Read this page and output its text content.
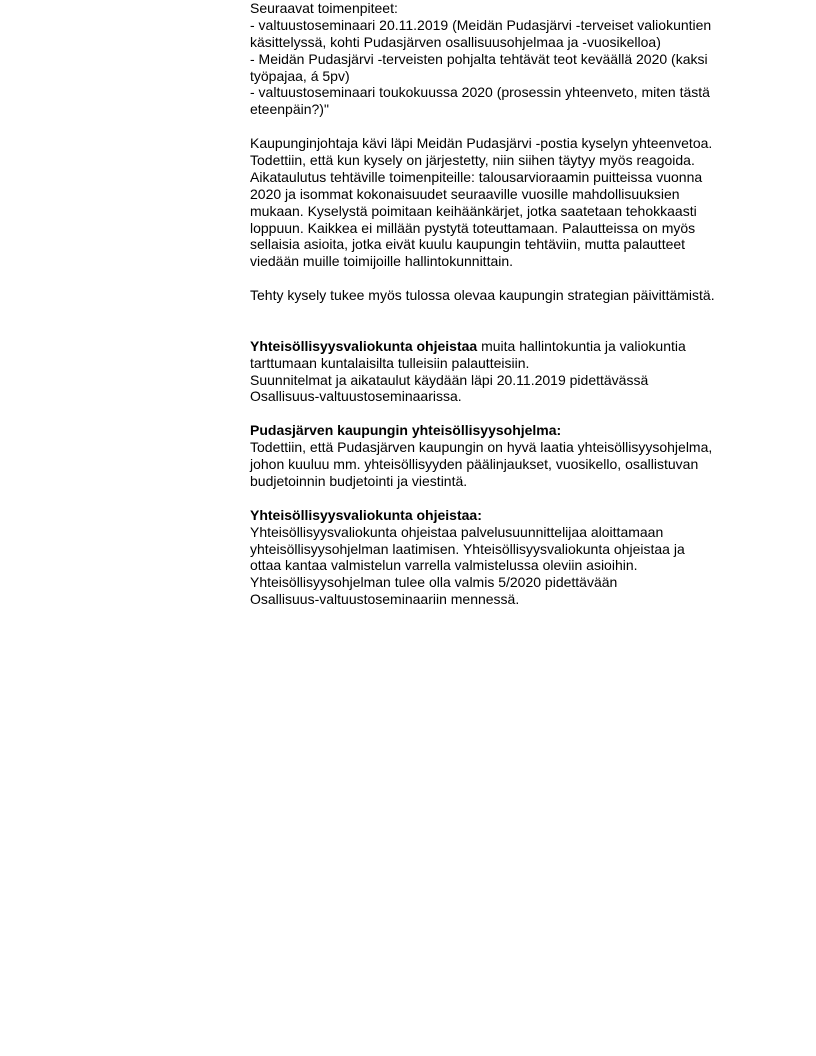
Seuraavat toimenpiteet:
- valtuustoseminaari 20.11.2019 (Meidän Pudasjärvi -terveiset valiokuntien
käsittelyssä, kohti Pudasjärven osallisuusohjelmaa ja -vuosikelloa)
- Meidän Pudasjärvi -terveisten pohjalta tehtävät teot keväällä 2020 (kaksi
työpajaa, á 5pv)
- valtuustoseminaari toukokuussa 2020 (prosessin yhteenveto, miten tästä
eteenpäin?)"
Kaupunginjohtaja kävi läpi Meidän Pudasjärvi -postia kyselyn yhteenvetoa.
Todettiin, että kun kysely on järjestetty, niin siihen täytyy myös reagoida.
Aikataulutus tehtäville toimenpiteille: talousarvioraamin puitteissa vuonna
2020 ja isommat kokonaisuudet seuraaville vuosille mahdollisuuksien
mukaan. Kyselystä poimitaan keihäänkärjet, jotka saatetaan tehokkaasti
loppuun. Kaikkea ei millään pystytä toteuttamaan. Palautteissa on myös
sellaisia asioita, jotka eivät kuulu kaupungin tehtäviin, mutta palautteet
viedään muille toimijoille hallintokunnittain.
Tehty kysely tukee myös tulossa olevaa kaupungin strategian päivittämistä.
Yhteisöllisyysvaliokunta ohjeistaa muita hallintokuntia ja valiokuntia
tarttumaan kuntalaisilta tulleisiin palautteisiin.
Suunnitelmat ja aikataulut käydään läpi 20.11.2019 pidettävässä
Osallisuus-valtuustoseminaarissa.
Pudasjärven kaupungin yhteisöllisyysohjelma:
Todettiin, että Pudasjärven kaupungin on hyvä laatia yhteisöllisyysohjelma,
johon kuuluu mm. yhteisöllisyyden päälinjaukset, vuosikello, osallistuvan
budjetoinnin budjetointi ja viestintä.
Yhteisöllisyysvaliokunta ohjeistaa:
Yhteisöllisyysvaliokunta ohjeistaa palvelusuunnittelijaa aloittamaan
yhteisöllisyysohjelman laatimisen. Yhteisöllisyysvaliokunta ohjeistaa ja
ottaa kantaa valmistelun varrella valmistelussa oleviin asioihin.
Yhteisöllisyysohjelman tulee olla valmis 5/2020 pidettävään
Osallisuus-valtuustoseminaariin mennessä.
